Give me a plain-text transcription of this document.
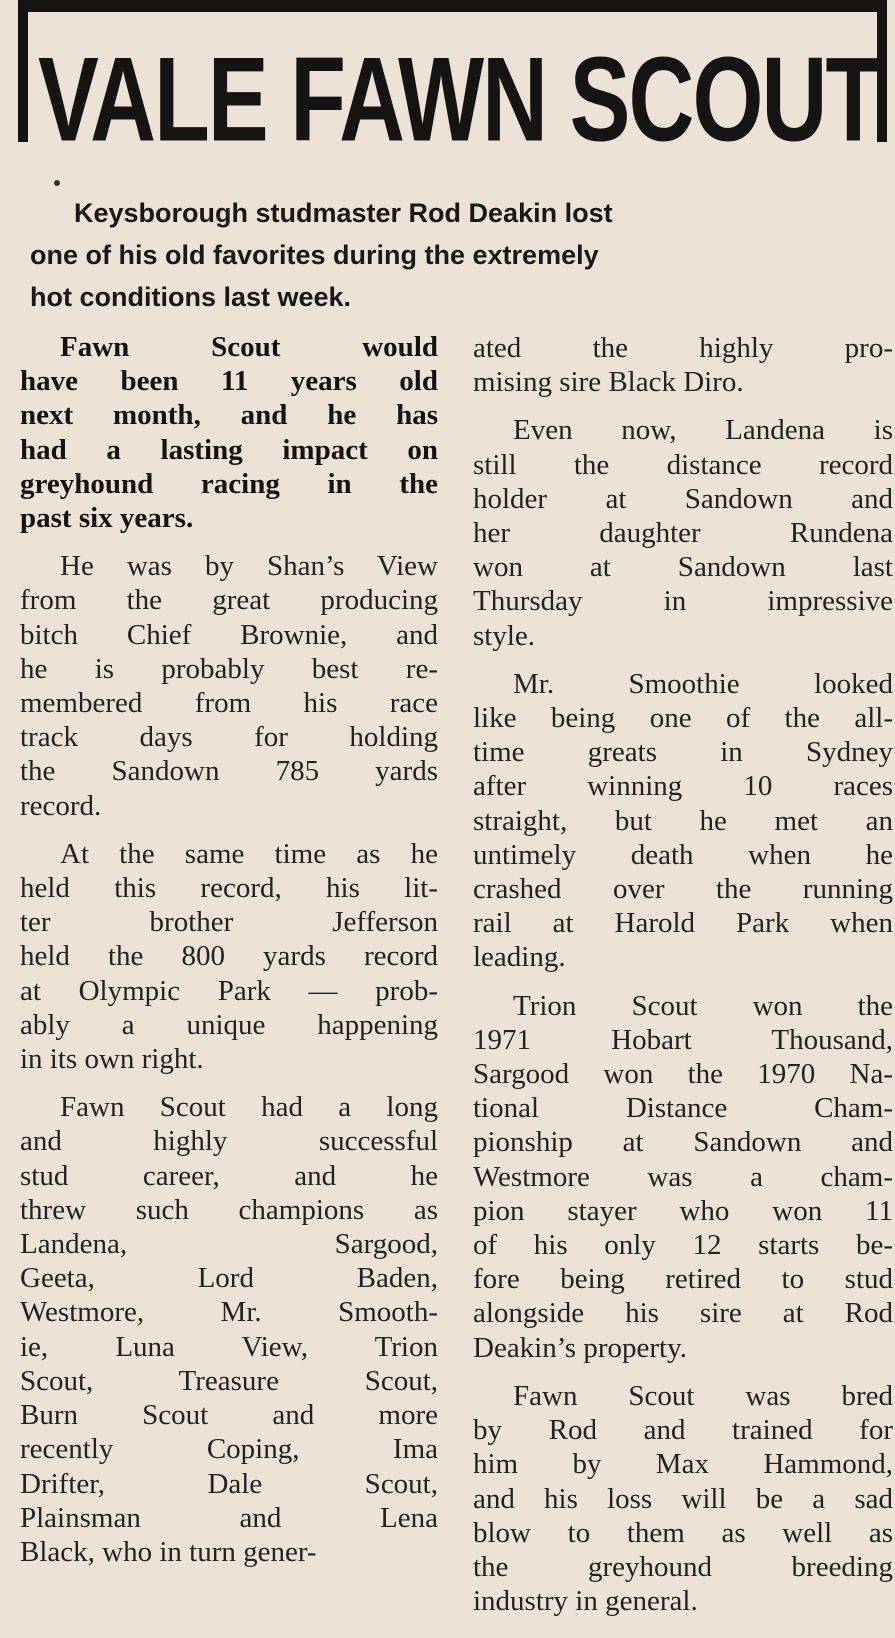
VALE FAWN SCOUT
Keysborough studmaster Rod Deakin lost
one of his old favorites during the extremely
hot conditions last week.
Fawn Scout would
have been 11 years old
next month, and he has
had a lasting impact on
greyhound racing in the
past six years.
He was by Shan’s View
from the great producing
bitch Chief Brownie, and
he is probably best re-
membered from his race
track days for holding
the Sandown 785 yards
record.
At the same time as he
held this record, his lit-
ter brother Jefferson
held the 800 yards record
at Olympic Park — prob-
ably a unique happening
in its own right.
Fawn Scout had a long
and highly successful
stud career, and he
threw such champions as
Landena, Sargood,
Geeta, Lord Baden,
Westmore, Mr. Smooth-
ie, Luna View, Trion
Scout, Treasure Scout,
Burn Scout and more
recently Coping, Ima
Drifter, Dale Scout,
Plainsman and Lena
Black, who in turn gener-
ated the highly pro-
mising sire Black Diro.
Even now, Landena is
still the distance record
holder at Sandown and
her daughter Rundena
won at Sandown last
Thursday in impressive
style.
Mr. Smoothie looked
like being one of the all-
time greats in Sydney
after winning 10 races
straight, but he met an
untimely death when he
crashed over the running
rail at Harold Park when
leading.
Trion Scout won the
1971 Hobart Thousand,
Sargood won the 1970 Na-
tional Distance Cham-
pionship at Sandown and
Westmore was a cham-
pion stayer who won 11
of his only 12 starts be-
fore being retired to stud
alongside his sire at Rod
Deakin’s property.
Fawn Scout was bred
by Rod and trained for
him by Max Hammond,
and his loss will be a sad
blow to them as well as
the greyhound breeding
industry in general.
